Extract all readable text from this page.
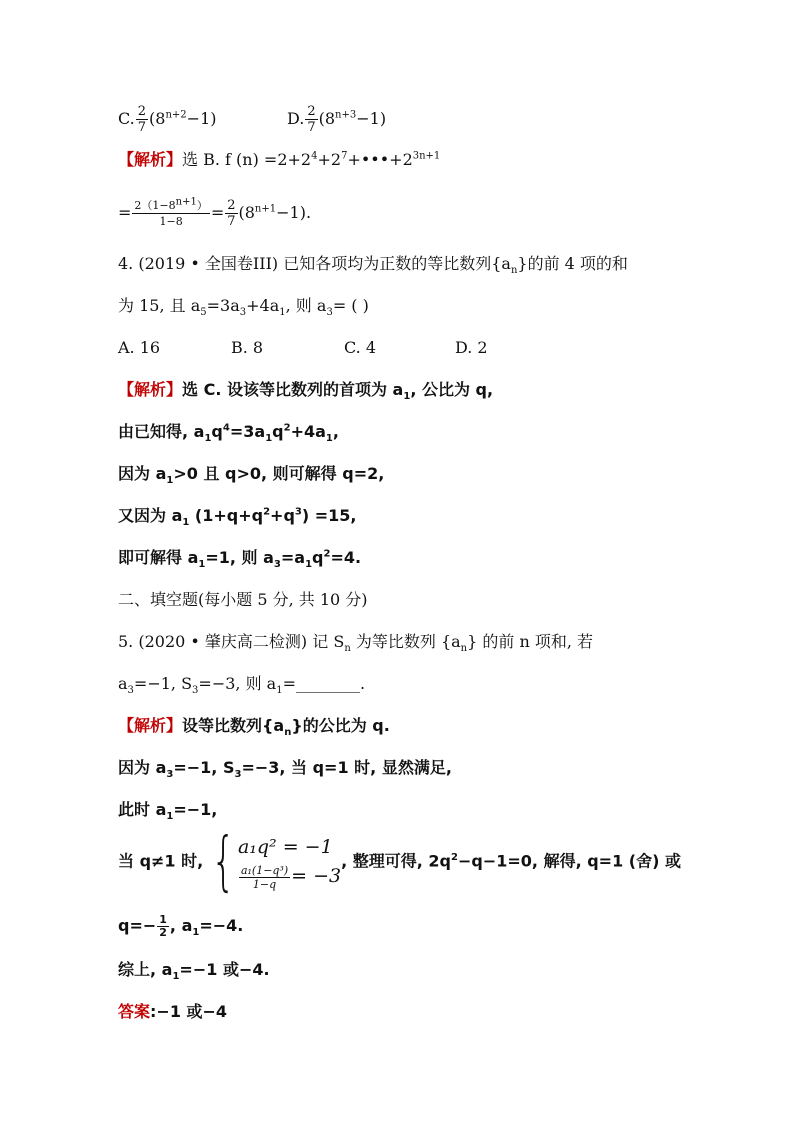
C. $\frac{2}{7} (8^{n+2}-1)$	D. $\frac{2}{7} (8^{n+3}-1)$
【解析】选 B. f $(n) =2+2^4+2^7+•••+2^{3n+1}$
= $\frac{2(1-8^{n+1})}{1-8} = \frac{2}{7} (8^{n+1}-1)$.
4. (2019 • 全国卷III) 已知各项均为正数的等比数列$\{a_n\}$的前 4 项的和
为 15, 且 $a_5=3a_3+4a_1$, 则 $a_3=$ ( )
A. 16	B. 8	C. 4	D. 2
【解析】选 C. 设该等比数列的首项为 $a_1$, 公比为 q,
由已知得, $a_1q^4=3a_1q^2+4a_1$,
因为 $a_1>0$ 且 q>0, 则可解得 q=2,
又因为 $a_1$ $(1+q+q^2+q^3) =15$,
即可解得 $a_1=1$, 则 $a_3=a_1q^2=4$.
二、填空题(每小题 5 分, 共 10 分)
5. (2020 • 肇庆高二检测) 记 $S_n$ 为等比数列 $\{a_n\}$ 的前 n 项和, 若
$a_3=-1$, $S_3=-3$, 则 $a_1=\_\_\_\_\_\_\_\_$.
【解析】设等比数列$\{a_n\}$的公比为 q.
因为 $a_3=-1$, $S_3=-3$, 当 q=1 时, 显然满足,
此时 $a_1=-1$,
当 q≠1 时, { a₁q² = −1
$\frac{\text{a₁(1−q³)}}{1-q} = -3$
, 整理可得, $2q^2-q-1=0$, 解得, q=1 (舍) 或
$q=- \frac{1}{2}$ , $a_1=-4$.
综上, $a_1=-1$ 或−4.
答案:−1 或−4
